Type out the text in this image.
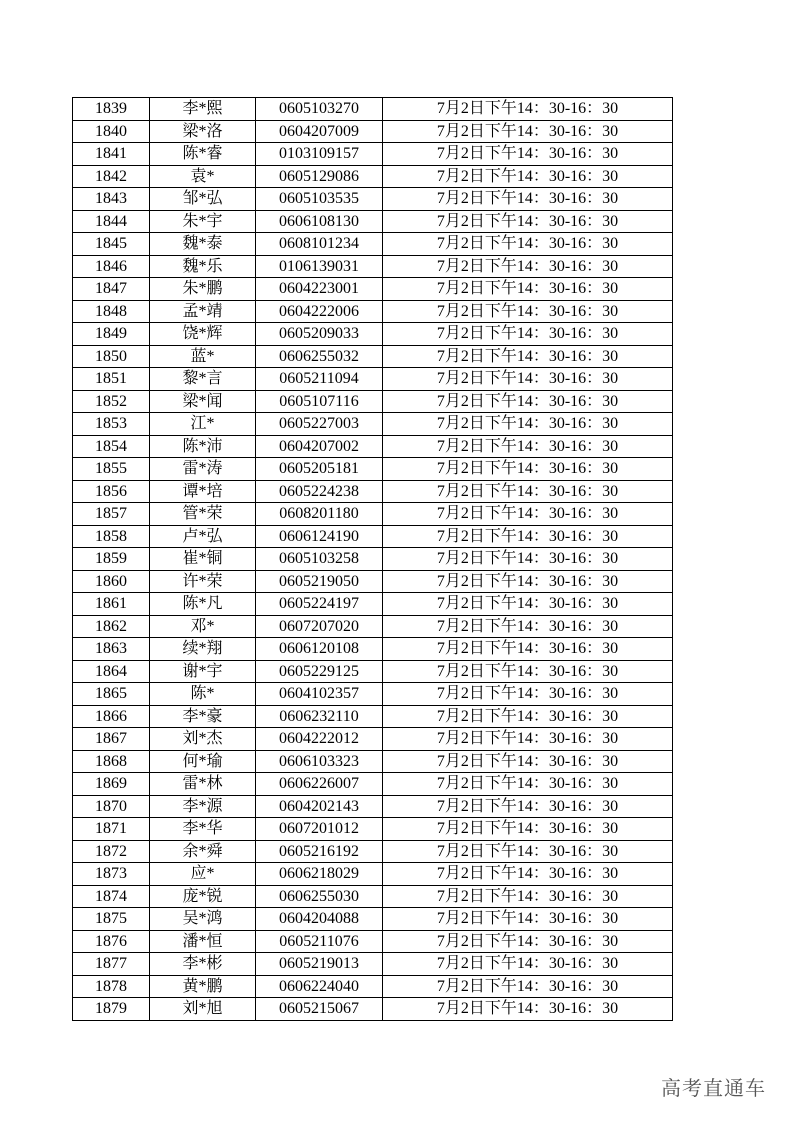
1839	李*熙	0605103270	7月2日下午14：30-16：30
1840	梁*洛	0604207009	7月2日下午14：30-16：30
1841	陈*睿	0103109157	7月2日下午14：30-16：30
1842	袁*	0605129086	7月2日下午14：30-16：30
1843	邹*弘	0605103535	7月2日下午14：30-16：30
1844	朱*宇	0606108130	7月2日下午14：30-16：30
1845	魏*泰	0608101234	7月2日下午14：30-16：30
1846	魏*乐	0106139031	7月2日下午14：30-16：30
1847	朱*鹏	0604223001	7月2日下午14：30-16：30
1848	孟*靖	0604222006	7月2日下午14：30-16：30
1849	饶*辉	0605209033	7月2日下午14：30-16：30
1850	蓝*	0606255032	7月2日下午14：30-16：30
1851	黎*言	0605211094	7月2日下午14：30-16：30
1852	梁*闻	0605107116	7月2日下午14：30-16：30
1853	江*	0605227003	7月2日下午14：30-16：30
1854	陈*沛	0604207002	7月2日下午14：30-16：30
1855	雷*涛	0605205181	7月2日下午14：30-16：30
1856	谭*培	0605224238	7月2日下午14：30-16：30
1857	管*荣	0608201180	7月2日下午14：30-16：30
1858	卢*弘	0606124190	7月2日下午14：30-16：30
1859	崔*铜	0605103258	7月2日下午14：30-16：30
1860	许*荣	0605219050	7月2日下午14：30-16：30
1861	陈*凡	0605224197	7月2日下午14：30-16：30
1862	邓*	0607207020	7月2日下午14：30-16：30
1863	续*翔	0606120108	7月2日下午14：30-16：30
1864	谢*宇	0605229125	7月2日下午14：30-16：30
1865	陈*	0604102357	7月2日下午14：30-16：30
1866	李*豪	0606232110	7月2日下午14：30-16：30
1867	刘*杰	0604222012	7月2日下午14：30-16：30
1868	何*瑜	0606103323	7月2日下午14：30-16：30
1869	雷*林	0606226007	7月2日下午14：30-16：30
1870	李*源	0604202143	7月2日下午14：30-16：30
1871	李*华	0607201012	7月2日下午14：30-16：30
1872	余*舜	0605216192	7月2日下午14：30-16：30
1873	应*	0606218029	7月2日下午14：30-16：30
1874	庞*锐	0606255030	7月2日下午14：30-16：30
1875	吴*鸿	0604204088	7月2日下午14：30-16：30
1876	潘*恒	0605211076	7月2日下午14：30-16：30
1877	李*彬	0605219013	7月2日下午14：30-16：30
1878	黄*鹏	0606224040	7月2日下午14：30-16：30
1879	刘*旭	0605215067	7月2日下午14：30-16：30
高考直通车
